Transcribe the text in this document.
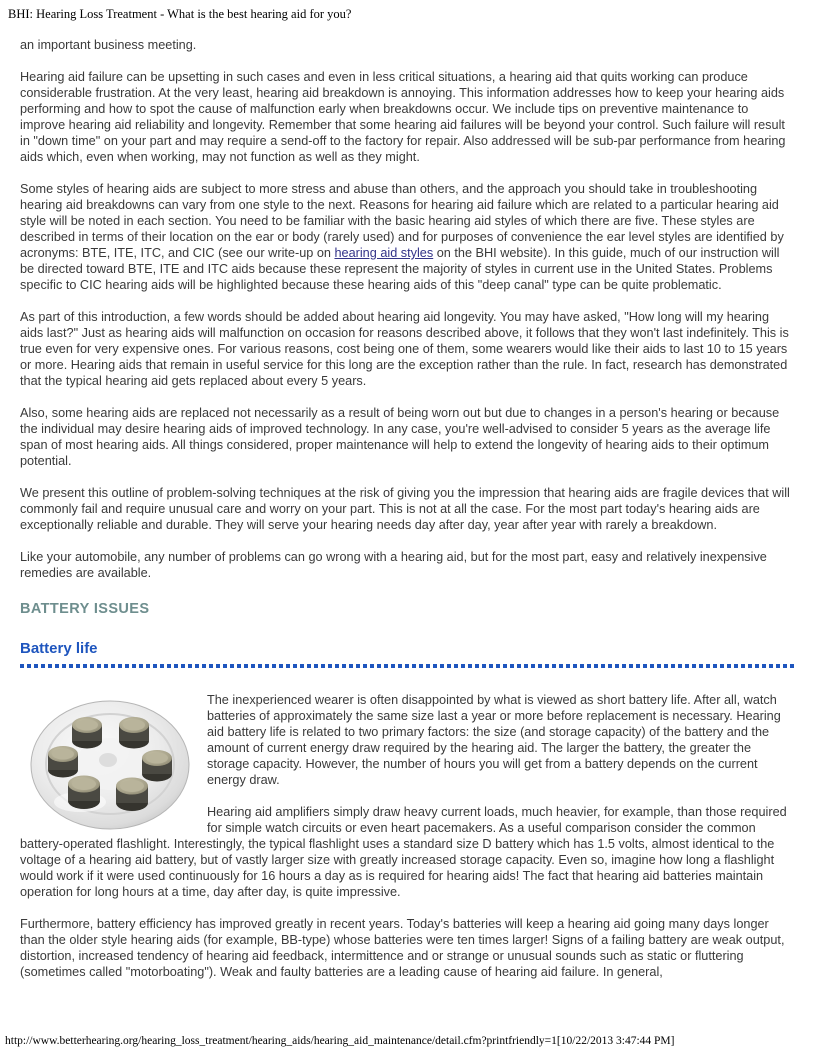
BHI: Hearing Loss Treatment - What is the best hearing aid for you?

an important business meeting.

Hearing aid failure can be upsetting in such cases and even in less critical situations, a hearing aid that quits working can produce considerable frustration. At the very least, hearing aid breakdown is annoying. This information addresses how to keep your hearing aids performing and how to spot the cause of malfunction early when breakdowns occur. We include tips on preventive maintenance to improve hearing aid reliability and longevity. Remember that some hearing aid failures will be beyond your control. Such failure will result in "down time" on your part and may require a send-off to the factory for repair. Also addressed will be sub-par performance from hearing aids which, even when working, may not function as well as they might.

Some styles of hearing aids are subject to more stress and abuse than others, and the approach you should take in troubleshooting hearing aid breakdowns can vary from one style to the next. Reasons for hearing aid failure which are related to a particular hearing aid style will be noted in each section. You need to be familiar with the basic hearing aid styles of which there are five. These styles are described in terms of their location on the ear or body (rarely used) and for purposes of convenience the ear level styles are identified by acronyms: BTE, ITE, ITC, and CIC (see our write-up on hearing aid styles on the BHI website). In this guide, much of our instruction will be directed toward BTE, ITE and ITC aids because these represent the majority of styles in current use in the United States. Problems specific to CIC hearing aids will be highlighted because these hearing aids of this "deep canal" type can be quite problematic.

As part of this introduction, a few words should be added about hearing aid longevity. You may have asked, "How long will my hearing aids last?" Just as hearing aids will malfunction on occasion for reasons described above, it follows that they won't last indefinitely. This is true even for very expensive ones. For various reasons, cost being one of them, some wearers would like their aids to last 10 to 15 years or more. Hearing aids that remain in useful service for this long are the exception rather than the rule. In fact, research has demonstrated that the typical hearing aid gets replaced about every 5 years.

Also, some hearing aids are replaced not necessarily as a result of being worn out but due to changes in a person's hearing or because the individual may desire hearing aids of improved technology. In any case, you're well-advised to consider 5 years as the average life span of most hearing aids. All things considered, proper maintenance will help to extend the longevity of hearing aids to their optimum potential.

We present this outline of problem-solving techniques at the risk of giving you the impression that hearing aids are fragile devices that will commonly fail and require unusual care and worry on your part. This is not at all the case. For the most part today's hearing aids are exceptionally reliable and durable. They will serve your hearing needs day after day, year after year with rarely a breakdown.

Like your automobile, any number of problems can go wrong with a hearing aid, but for the most part, easy and relatively inexpensive remedies are available.

BATTERY ISSUES
Battery life

The inexperienced wearer is often disappointed by what is viewed as short battery life. After all, watch batteries of approximately the same size last a year or more before replacement is necessary. Hearing aid battery life is related to two primary factors: the size (and storage capacity) of the battery and the amount of current energy draw required by the hearing aid. The larger the battery, the greater the storage capacity. However, the number of hours you will get from a battery depends on the current energy draw.

Hearing aid amplifiers simply draw heavy current loads, much heavier, for example, than those required for simple watch circuits or even heart pacemakers. As a useful comparison consider the common battery-operated flashlight. Interestingly, the typical flashlight uses a standard size D battery which has 1.5 volts, almost identical to the voltage of a hearing aid battery, but of vastly larger size with greatly increased storage capacity. Even so, imagine how long a flashlight would work if it were used continuously for 16 hours a day as is required for hearing aids! The fact that hearing aid batteries maintain operation for long hours at a time, day after day, is quite impressive.

Furthermore, battery efficiency has improved greatly in recent years. Today's batteries will keep a hearing aid going many days longer than the older style hearing aids (for example, BB-type) whose batteries were ten times larger! Signs of a failing battery are weak output, distortion, increased tendency of hearing aid feedback, intermittence and or strange or unusual sounds such as static or fluttering (sometimes called "motorboating"). Weak and faulty batteries are a leading cause of hearing aid failure. In general,

http://www.betterhearing.org/hearing_loss_treatment/hearing_aids/hearing_aid_maintenance/detail.cfm?printfriendly=1[10/22/2013 3:47:44 PM]
